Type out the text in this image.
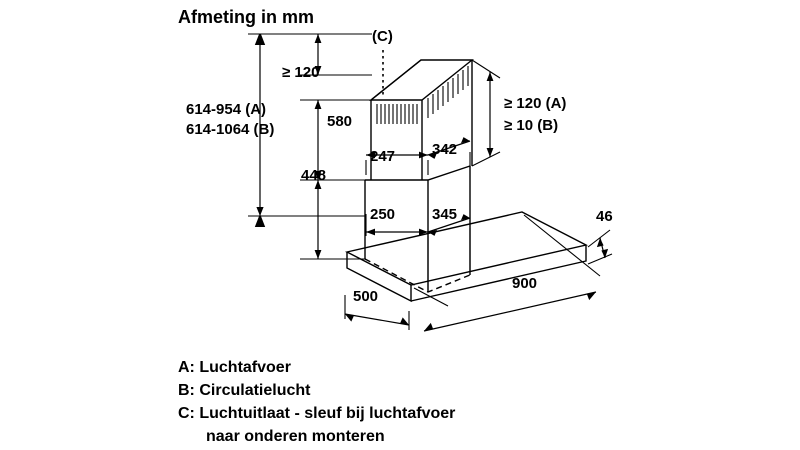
Afmeting in mm
(C)
≥ 120
614-954 (A)
614-1064 (B)	580
448
247 342
250 345
≥ 120 (A)
≥ 10 (B)
500
900
46
A: Luchtafvoer
B: Circulatielucht
C: Luchtuitlaat - sleuf bij luchtafvoer
naar onderen monteren
